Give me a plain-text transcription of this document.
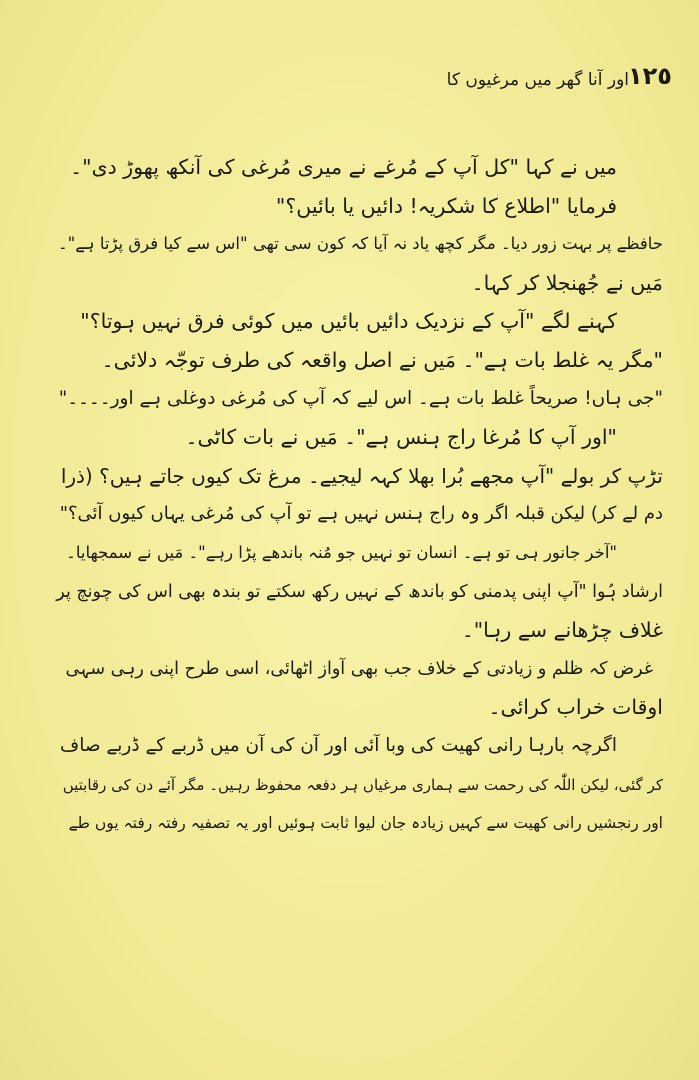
١٢٥
اور آنا گھر میں مرغیوں کا
میں نے کہا "کل آپ کے مُرغے نے میری مُرغی کی آنکھ پھوڑ دی"۔
فرمایا "اطلاع کا شکریہ! دائیں یا بائیں؟"
حافظے پر بہت زور دیا۔ مگر کچھ یاد نہ آیا کہ کون سی تھی "اس سے کیا فرق پڑتا ہے"۔
مَیں نے جُھنجلا کر کہا۔
کہنے لگے "آپ کے نزدیک دائیں بائیں میں کوئی فرق نہیں ہوتا؟"
"مگر یہ غلط بات ہے"۔ مَیں نے اصل واقعہ کی طرف توجّہ دلائی۔
"جی ہاں! صریحاً غلط بات ہے۔ اس لیے کہ آپ کی مُرغی دوغلی ہے اور۔۔۔۔"
"اور آپ کا مُرغا راج ہنس ہے"۔ مَیں نے بات کاٹی۔
تڑپ کر بولے "آپ مجھے بُرا بھلا کہہ لیجیے۔ مرغ تک کیوں جاتے ہیں؟ (ذرا
دم لے کر) لیکن قبلہ اگر وہ راج ہنس نہیں ہے تو آپ کی مُرغی یہاں کیوں آئی؟"
"آخر جانور ہی تو ہے۔ انسان تو نہیں جو مُنہ باندھے پڑا رہے"۔ مَیں نے سمجھایا۔
ارشاد ہُوا "آپ اپنی پدمنی کو باندھ کے نہیں رکھ سکتے تو بندہ بھی اس کی چونچ پر
غلاف چڑھانے سے رہا"۔
غرض کہ ظلم و زیادتی کے خلاف جب بھی آواز اٹھائی، اسی طرح اپنی رہی سہی
اوقات خراب کرائی۔
اگرچہ بارہا رانی کھیت کی وبا آئی اور آن کی آن میں ڈربے کے ڈربے صاف
کر گئی، لیکن اللّٰہ کی رحمت سے ہماری مرغیاں ہر دفعہ محفوظ رہیں۔ مگر آئے دن کی رقابتیں
اور رنجشیں رانی کھیت سے کہیں زیادہ جان لیوا ثابت ہوئیں اور یہ تصفیہ رفتہ رفتہ یوں طے
